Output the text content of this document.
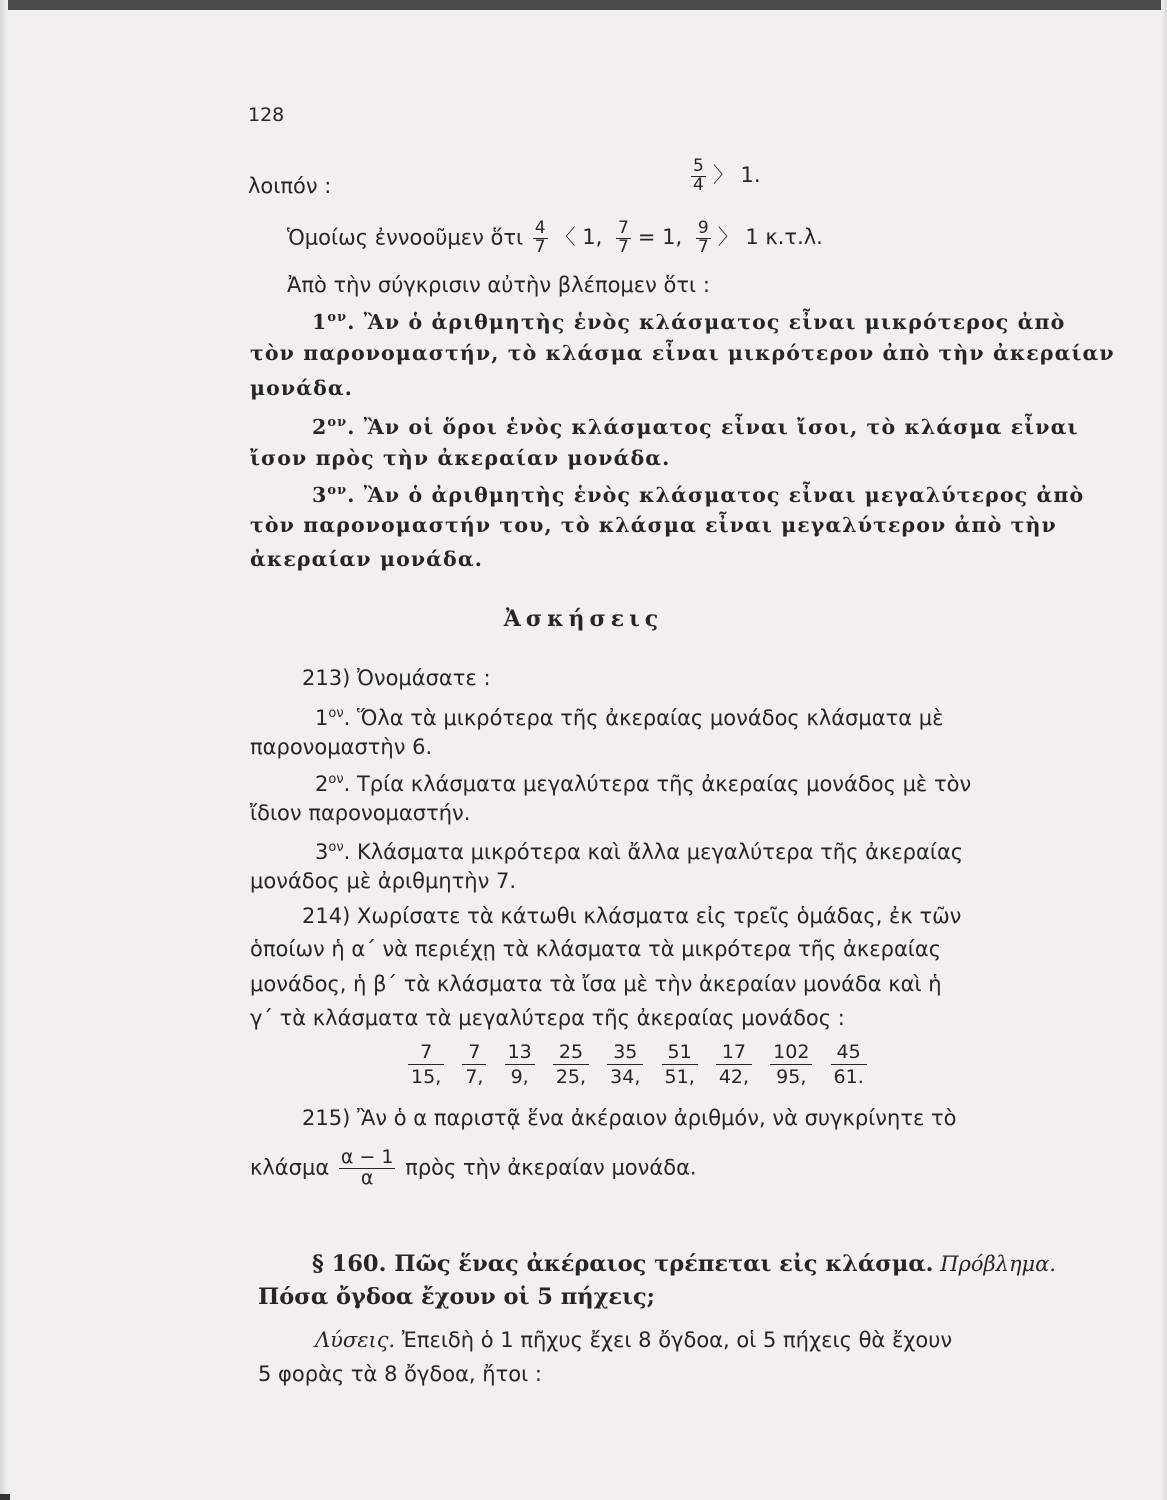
128
λοιπόν :	$\frac{5}{4}$ 〉 1.
Ὁμοίως ἐννοοῦμεν ὅτι $\frac{4}{7}$ 〈 1, $\frac{7}{7} = 1$, $\frac{9}{7}$ 〉 1 κ.τ.λ.
Ἀπὸ τὴν σύγκρισιν αὐτὴν βλέπομεν ὅτι :
$1^{o\nu}$. Ἂν ὁ ἀριθμητὴς ἑνὸς κλάσματος εἶναι μικρότερος ἀπὸ
τὸν παρονομαστήν, τὸ κλάσμα εἶναι μικρότερον ἀπὸ τὴν ἀκεραίαν
μονάδα.
$2^{o\nu}$. Ἂν οἱ ὅροι ἑνὸς κλάσματος εἶναι ἴσοι, τὸ κλάσμα εἶναι
ἴσον πρὸς τὴν ἀκεραίαν μονάδα.
$3^{o\nu}$. Ἂν ὁ ἀριθμητὴς ἑνὸς κλάσματος εἶναι μεγαλύτερος ἀπὸ
τὸν παρονομαστήν του, τὸ κλάσμα εἶναι μεγαλύτερον ἀπὸ τὴν
ἀκεραίαν μονάδα.
Ἀσκήσεις
213) Ὀνομάσατε :
$1^{o\nu}$. Ὅλα τὰ μικρότερα τῆς ἀκεραίας μονάδος κλάσματα μὲ
παρονομαστὴν 6.
$2^{o\nu}$. Τρία κλάσματα μεγαλύτερα τῆς ἀκεραίας μονάδος μὲ τὸν
ἴδιον παρονομαστήν.
$3^{o\nu}$. Κλάσματα μικρότερα καὶ ἄλλα μεγαλύτερα τῆς ἀκεραίας
μονάδος μὲ ἀριθμητὴν 7.
214) Χωρίσατε τὰ κάτωθι κλάσματα εἰς τρεῖς ὁμάδας, ἐκ τῶν
ὁποίων ἡ α΄ νὰ περιέχῃ τὰ κλάσματα τὰ μικρότερα τῆς ἀκεραίας
μονάδος, ἡ β΄ τὰ κλάσματα τὰ ἴσα μὲ τὴν ἀκεραίαν μονάδα καὶ ἡ
γ΄ τὰ κλάσματα τὰ μεγαλύτερα τῆς ἀκεραίας μονάδος :
$\frac{7}{15,}$
$\frac{7}{7,}$
$\frac{13}{9,}$
$\frac{25}{25,}$
$\frac{35}{34,}$
$\frac{51}{51,}$
$\frac{17}{42,}$
$\frac{102}{95,}$
$\frac{45}{61.}$
215) Ἂν ὁ α παριστᾷ ἕνα ἀκέραιον ἀριθμόν, νὰ συγκρίνητε τὸ
κλάσμα $\frac{\alpha - 1}{\alpha}$ πρὸς τὴν ἀκεραίαν μονάδα.
§ 160. Πῶς ἕνας ἀκέραιος τρέπεται εἰς κλάσμα. Πρόβλημα.
Πόσα ὄγδοα ἔχουν οἱ 5 πήχεις;
Λύσεις. Ἐπειδὴ ὁ 1 πῆχυς ἔχει 8 ὄγδοα, οἱ 5 πήχεις θὰ ἔχουν
5 φορὰς τὰ 8 ὄγδοα, ἤτοι :
